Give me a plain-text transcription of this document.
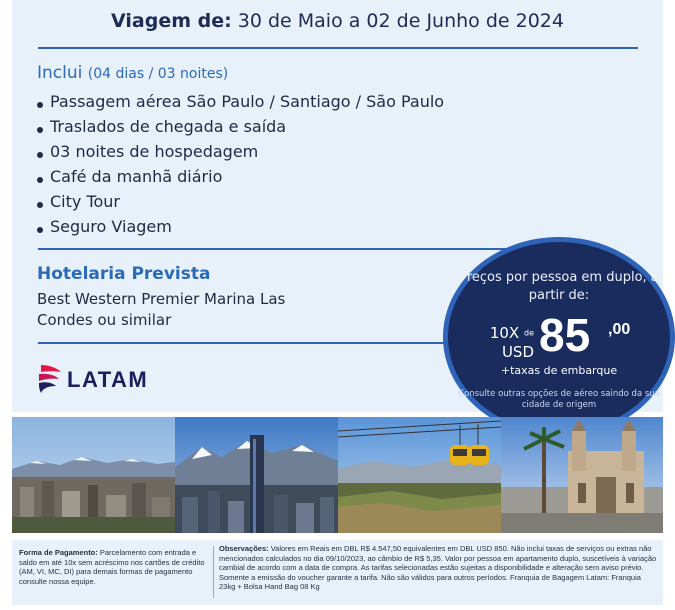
Viagem de: 30 de Maio a 02 de Junho de 2024
Inclui (04 dias / 03 noites)
Passagem aérea São Paulo / Santiago / São Paulo
Traslados de chegada e saída
03 noites de hospedagem
Café da manhã diário
City Tour
Seguro Viagem
Hotelaria Prevista
Best Western Premier Marina Las Condes ou similar
LATAM
Preços por pessoa em duplo, a partir de:
10X de
USD 85 ,00
+taxas de embarque
Consulte outras opções de aéreo saindo da sua cidade de origem
Forma de Pagamento: Parcelamento com entrada e saldo em até 10x sem acréscimo nos cartões de crédito (AM, VI, MC, DI) para demais formas de pagamento consulte nossa equipe.
Observações: Valores em Reais em DBL R$ 4.547,50 equivalentes em DBL USD 850. Não inclui taxas de serviços ou extras não mencionados calculados no dia 09/10/2023, ao câmbio de R$ 5,35. Valor por pessoa em apartamento duplo, suscetíveis à variação cambial de acordo com a data de compra. As tarifas selecionadas estão sujeitas a disponibilidade e alteração sem aviso prévio. Somente a emissão do voucher garante a tarifa. Não são válidos para outros períodos. Franquia de Bagagem Latam: Franquia 23kg + Bolsa Hand Bag 08 Kg
